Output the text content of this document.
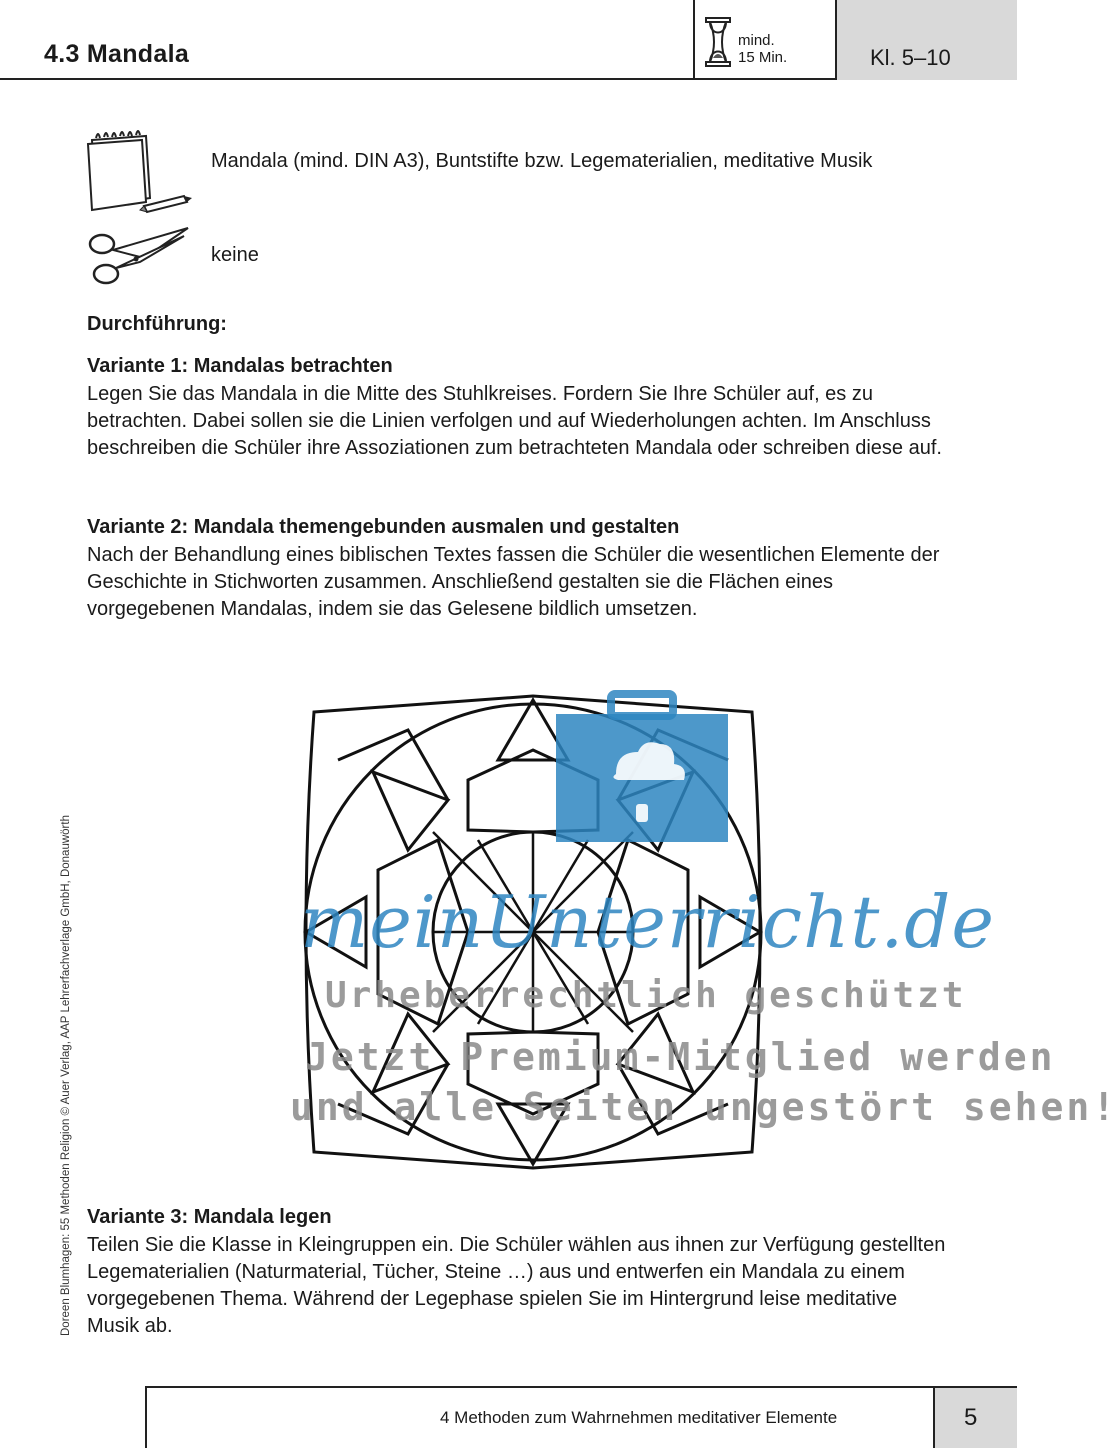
4.3 Mandala	mind.
15 Min.	Kl. 5–10
Mandala (mind. DIN A3), Buntstifte bzw. Legematerialien, meditative Musik
keine
Durchführung:
Variante 1: Mandalas betrachten
Legen Sie das Mandala in die Mitte des Stuhlkreises. Fordern Sie Ihre Schüler auf, es zu betrachten. Dabei sollen sie die Linien verfolgen und auf Wiederholungen achten. Im Anschluss beschreiben die Schüler ihre Assoziationen zum betrachteten Mandala oder schreiben diese auf.
Variante 2: Mandala themengebunden ausmalen und gestalten
Nach der Behandlung eines biblischen Textes fassen die Schüler die wesentlichen Elemente der Geschichte in Stichworten zusammen. Anschließend gestalten sie die Flächen eines vorgegebenen Mandalas, indem sie das Gelesene bildlich umsetzen.
meinUnterricht.de
Urheberrechtlich geschützt
Jetzt Premium-Mitglied werden
und alle Seiten ungestört sehen!
Variante 3: Mandala legen
Teilen Sie die Klasse in Kleingruppen ein. Die Schüler wählen aus ihnen zur Verfügung gestellten Legematerialien (Naturmaterial, Tücher, Steine …) aus und entwerfen ein Mandala zu einem vorgegebenen Thema. Während der Legephase spielen Sie im Hintergrund leise meditative Musik ab.
Doreen Blumhagen: 55 Methoden Religion © Auer Verlag, AAP Lehrerfachverlage GmbH, Donauwörth
4 Methoden zum Wahrnehmen meditativer Elemente	5
